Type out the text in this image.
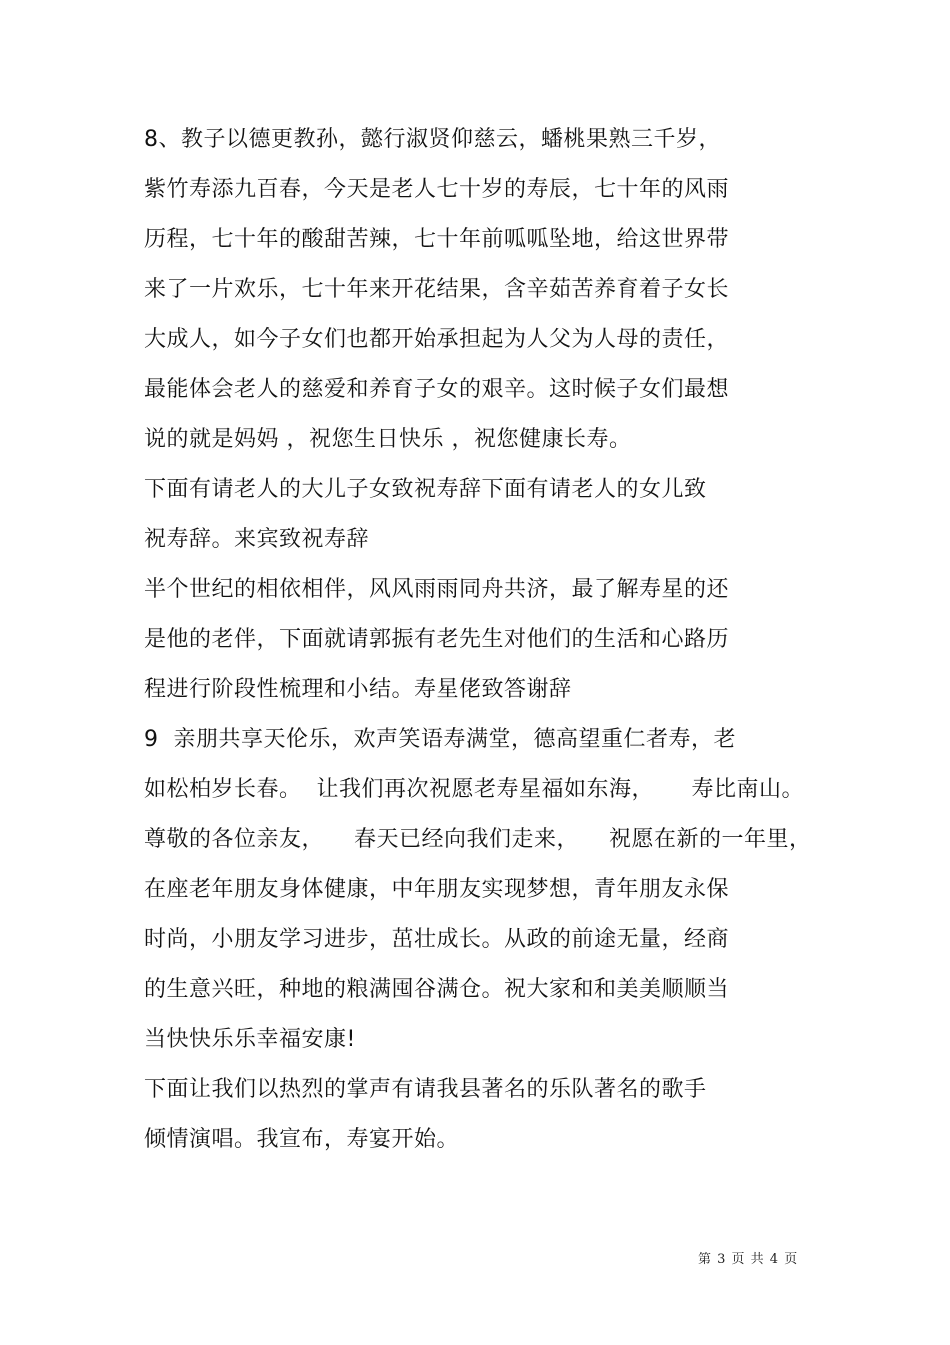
8、教子以德更教孙，懿行淑贤仰慈云，蟠桃果熟三千岁，
紫竹寿添九百春，今天是老人七十岁的寿辰，七十年的风雨
历程，七十年的酸甜苦辣，七十年前呱呱坠地，给这世界带
来了一片欢乐，七十年来开花结果，含辛茹苦养育着子女长
大成人，如今子女们也都开始承担起为人父为人母的责任，
最能体会老人的慈爱和养育子女的艰辛。这时候子女们最想
说的就是妈妈 ，祝您生日快乐 ，祝您健康长寿。
下面有请老人的大儿子女致祝寿辞下面有请老人的女儿致
祝寿辞。来宾致祝寿辞
半个世纪的相依相伴，风风雨雨同舟共济，最了解寿星的还
是他的老伴，下面就请郭振有老先生对他们的生活和心路历
程进行阶段性梳理和小结。寿星佬致答谢辞
9  亲朋共享天伦乐，欢声笑语寿满堂，德高望重仁者寿，老
如松柏岁长春。  让我们再次祝愿老寿星福如东海，     寿比南山。
尊敬的各位亲友，    春天已经向我们走来，    祝愿在新的一年里，
在座老年朋友身体健康，中年朋友实现梦想，青年朋友永保
时尚，小朋友学习进步，茁壮成长。从政的前途无量，经商
的生意兴旺，种地的粮满囤谷满仓。祝大家和和美美顺顺当
当快快乐乐幸福安康!
下面让我们以热烈的掌声有请我县著名的乐队著名的歌手
倾情演唱。我宣布，寿宴开始。
第 3 页 共 4 页
